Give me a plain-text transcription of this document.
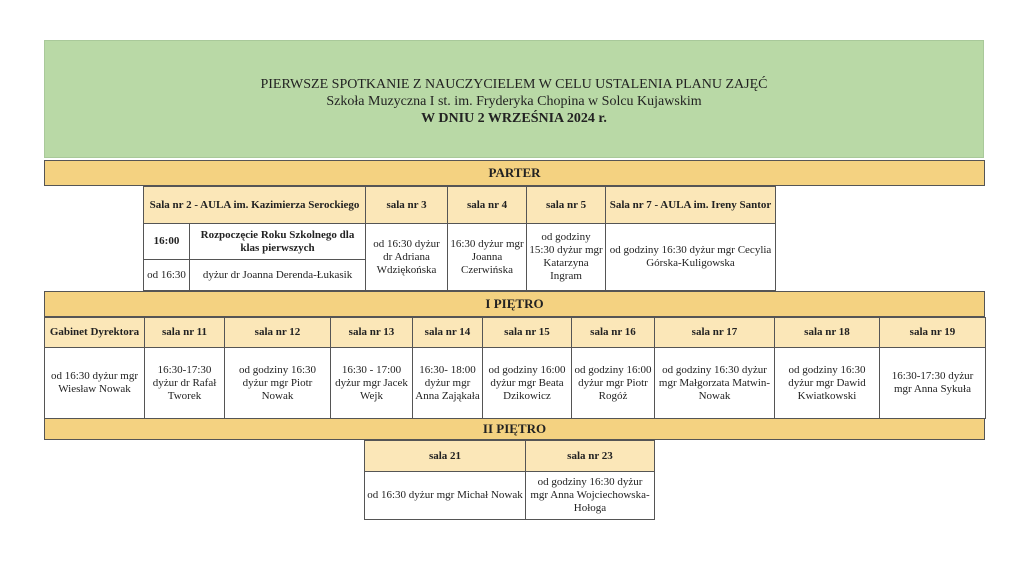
PIERWSZE SPOTKANIE Z NAUCZYCIELEM W CELU USTALENIA PLANU ZAJĘĆ
Szkoła Muzyczna I st. im. Fryderyka Chopina w Solcu Kujawskim
W DNIU 2 WRZEŚNIA 2024 r.
PARTER
Sala nr 2 - AULA im. Kazimierza Serockiego		sala nr 3	sala nr 4	sala nr 5	Sala nr 7 - AULA im. Ireny Santor
16:00	Rozpoczęcie Roku Szkolnego dla klas pierwszych	od 16:30 dyżur dr Adriana Wdziękońska	16:30 dyżur mgr Joanna Czerwińska	od godziny 15:30 dyżur mgr Katarzyna Ingram	od godziny 16:30 dyżur mgr Cecylia Górska-Kuligowska
od 16:30	dyżur dr Joanna Derenda-Łukasik				
I PIĘTRO
Gabinet Dyrektora	sala nr 11	sala nr 12	sala nr 13	sala nr 14	sala nr 15	sala nr 16	sala nr 17	sala nr 18	sala nr 19
od 16:30 dyżur mgr Wiesław Nowak	16:30-17:30 dyżur dr Rafał Tworek	od godziny 16:30 dyżur mgr Piotr Nowak	16:30 - 17:00 dyżur mgr Jacek Wejk	16:30- 18:00 dyżur mgr Anna Zająkała	od godziny 16:00 dyżur mgr Beata Dzikowicz	od godziny 16:00 dyżur mgr Piotr Rogóż	od godziny 16:30 dyżur mgr Małgorzata Matwin-Nowak	od godziny 16:30 dyżur mgr Dawid Kwiatkowski	16:30-17:30 dyżur mgr Anna Sykuła
II PIĘTRO
sala 21	sala nr 23
od 16:30 dyżur mgr Michał Nowak	od godziny 16:30 dyżur mgr Anna Wojciechowska-Hołoga
